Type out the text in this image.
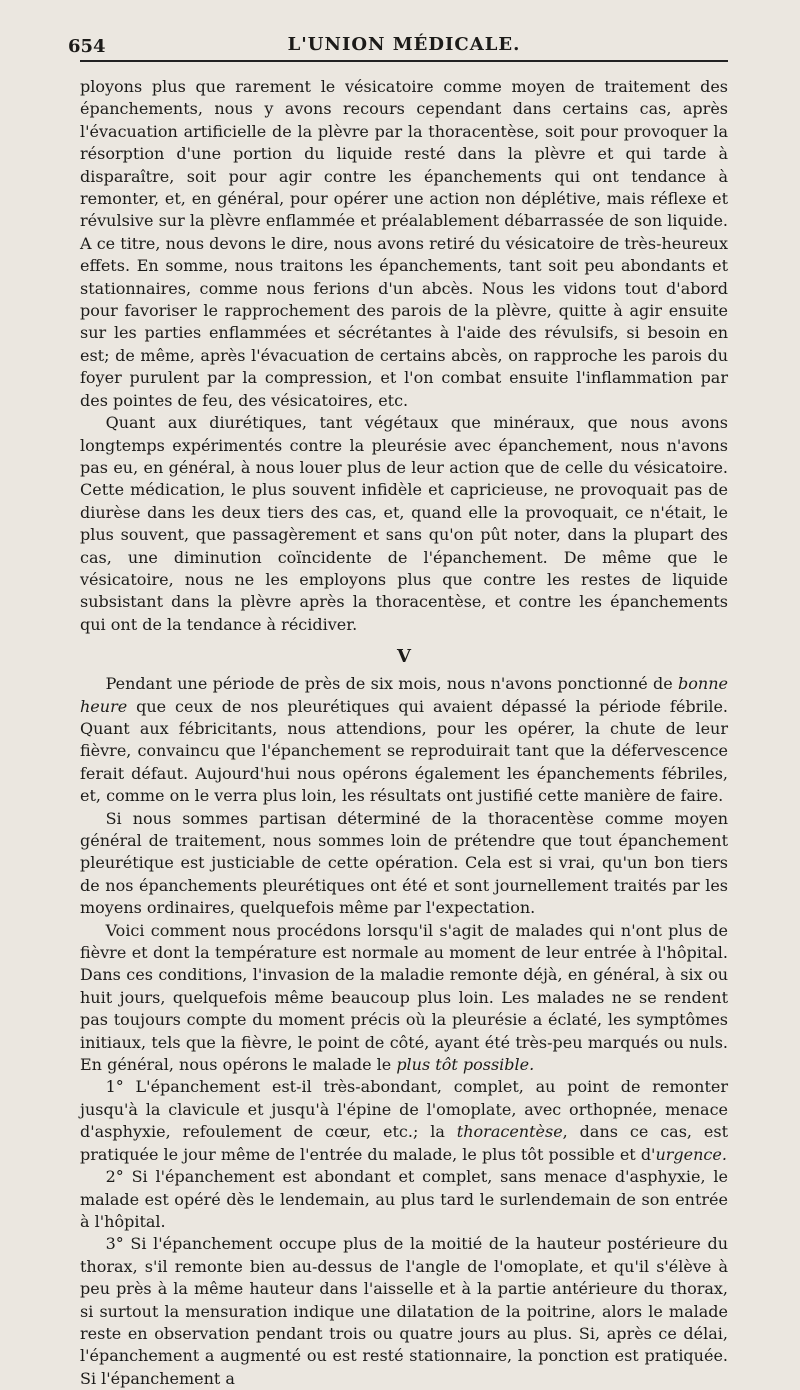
654	L'UNION MÉDICALE.

ployons plus que rarement le vésicatoire comme moyen de traitement des épanchements, nous y avons recours cependant dans certains cas, après l'évacuation artificielle de la plèvre par la thoracentèse, soit pour provoquer la résorption d'une portion du liquide resté dans la plèvre et qui tarde à disparaître, soit pour agir contre les épanchements qui ont tendance à remonter, et, en général, pour opérer une action non déplétive, mais réflexe et révulsive sur la plèvre enflammée et préalablement débarrassée de son liquide. A ce titre, nous devons le dire, nous avons retiré du vésicatoire de très-heureux effets. En somme, nous traitons les épanchements, tant soit peu abondants et stationnaires, comme nous ferions d'un abcès. Nous les vidons tout d'abord pour favoriser le rapprochement des parois de la plèvre, quitte à agir ensuite sur les parties enflammées et sécrétantes à l'aide des révulsifs, si besoin en est; de même, après l'évacuation de certains abcès, on rapproche les parois du foyer purulent par la compression, et l'on combat ensuite l'inflammation par des pointes de feu, des vésicatoires, etc.

Quant aux diurétiques, tant végétaux que minéraux, que nous avons longtemps expérimentés contre la pleurésie avec épanchement, nous n'avons pas eu, en général, à nous louer plus de leur action que de celle du vésicatoire. Cette médication, le plus souvent infidèle et capricieuse, ne provoquait pas de diurèse dans les deux tiers des cas, et, quand elle la provoquait, ce n'était, le plus souvent, que passagèrement et sans qu'on pût noter, dans la plupart des cas, une diminution coïncidente de l'épanchement. De même que le vésicatoire, nous ne les employons plus que contre les restes de liquide subsistant dans la plèvre après la thoracentèse, et contre les épanchements qui ont de la tendance à récidiver.

V

Pendant une période de près de six mois, nous n'avons ponctionné de bonne heure que ceux de nos pleurétiques qui avaient dépassé la période fébrile. Quant aux fébricitants, nous attendions, pour les opérer, la chute de leur fièvre, convaincu que l'épanchement se reproduirait tant que la défervescence ferait défaut. Aujourd'hui nous opérons également les épanchements fébriles, et, comme on le verra plus loin, les résultats ont justifié cette manière de faire.

Si nous sommes partisan déterminé de la thoracentèse comme moyen général de traitement, nous sommes loin de prétendre que tout épanchement pleurétique est justiciable de cette opération. Cela est si vrai, qu'un bon tiers de nos épanchements pleurétiques ont été et sont journellement traités par les moyens ordinaires, quelquefois même par l'expectation.

Voici comment nous procédons lorsqu'il s'agit de malades qui n'ont plus de fièvre et dont la température est normale au moment de leur entrée à l'hôpital. Dans ces conditions, l'invasion de la maladie remonte déjà, en général, à six ou huit jours, quelquefois même beaucoup plus loin. Les malades ne se rendent pas toujours compte du moment précis où la pleurésie a éclaté, les symptômes initiaux, tels que la fièvre, le point de côté, ayant été très-peu marqués ou nuls. En général, nous opérons le malade le plus tôt possible.

1° L'épanchement est-il très-abondant, complet, au point de remonter jusqu'à la clavicule et jusqu'à l'épine de l'omoplate, avec orthopnée, menace d'asphyxie, refoulement de cœur, etc.; la thoracentèse, dans ce cas, est pratiquée le jour même de l'entrée du malade, le plus tôt possible et d'urgence.

2° Si l'épanchement est abondant et complet, sans menace d'asphyxie, le malade est opéré dès le lendemain, au plus tard le surlendemain de son entrée à l'hôpital.

3° Si l'épanchement occupe plus de la moitié de la hauteur postérieure du thorax, s'il remonte bien au-dessus de l'angle de l'omoplate, et qu'il s'élève à peu près à la même hauteur dans l'aisselle et à la partie antérieure du thorax, si surtout la mensuration indique une dilatation de la poitrine, alors le malade reste en observation pendant trois ou quatre jours au plus. Si, après ce délai, l'épanchement a augmenté ou est resté stationnaire, la ponction est pratiquée. Si l'épanchement a
